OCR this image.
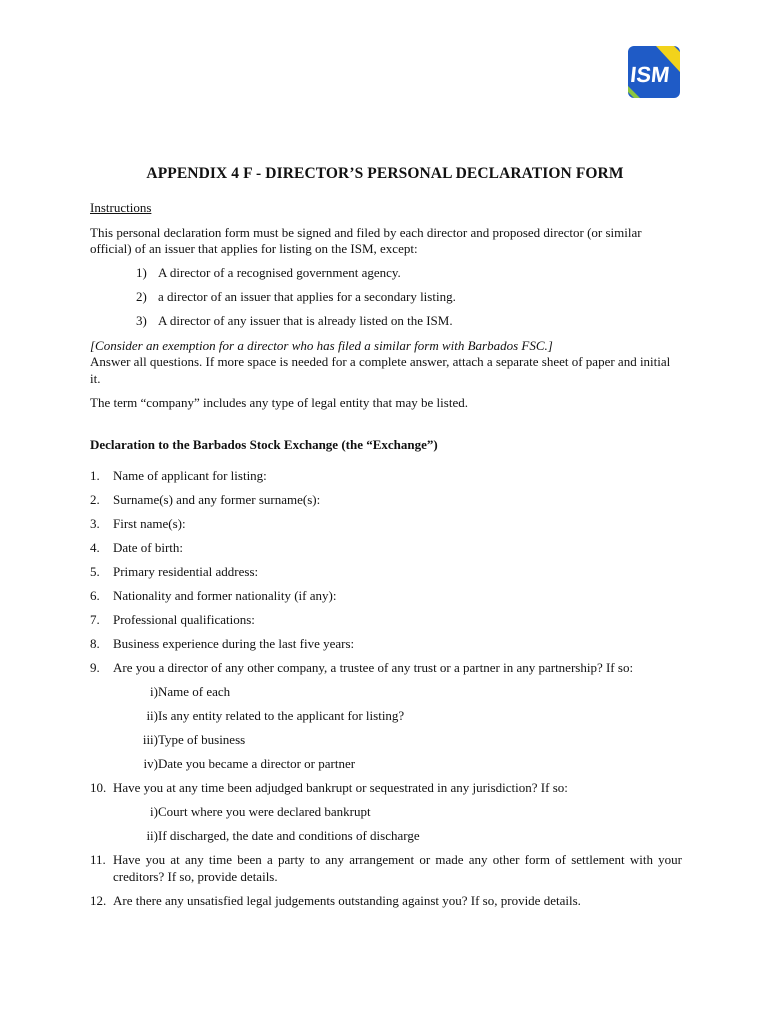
ISM
APPENDIX 4 F - DIRECTOR’S PERSONAL DECLARATION FORM

Instructions

This personal declaration form must be signed and filed by each director and proposed director (or similar official) of an issuer that applies for listing on the ISM, except:

1) A director of a recognised government agency.
2) a director of an issuer that applies for a secondary listing.
3) A director of any issuer that is already listed on the ISM.

[Consider an exemption for a director who has filed a similar form with Barbados FSC.]

Answer all questions. If more space is needed for a complete answer, attach a separate sheet of paper and initial it.

The term “company” includes any type of legal entity that may be listed.

Declaration to the Barbados Stock Exchange (the “Exchange”)

1.	Name of applicant for listing:
2.	Surname(s) and any former surname(s):
3.	First name(s):
4.	Date of birth:
5.	Primary residential address:
6.	Nationality and former nationality (if any):
7.	Professional qualifications:
8.	Business experience during the last five years:
9.	Are you a director of any other company, a trustee of any trust or a partner in any partnership? If so:
i) Name of each
ii) Is any entity related to the applicant for listing?
iii) Type of business
iv) Date you became a director or partner
10. Have you at any time been adjudged bankrupt or sequestrated in any jurisdiction? If so:
i) Court where you were declared bankrupt
ii) If discharged, the date and conditions of discharge
11. Have you at any time been a party to any arrangement or made any other form of settlement with your creditors? If so, provide details.
12. Are there any unsatisfied legal judgements outstanding against you? If so, provide details.
